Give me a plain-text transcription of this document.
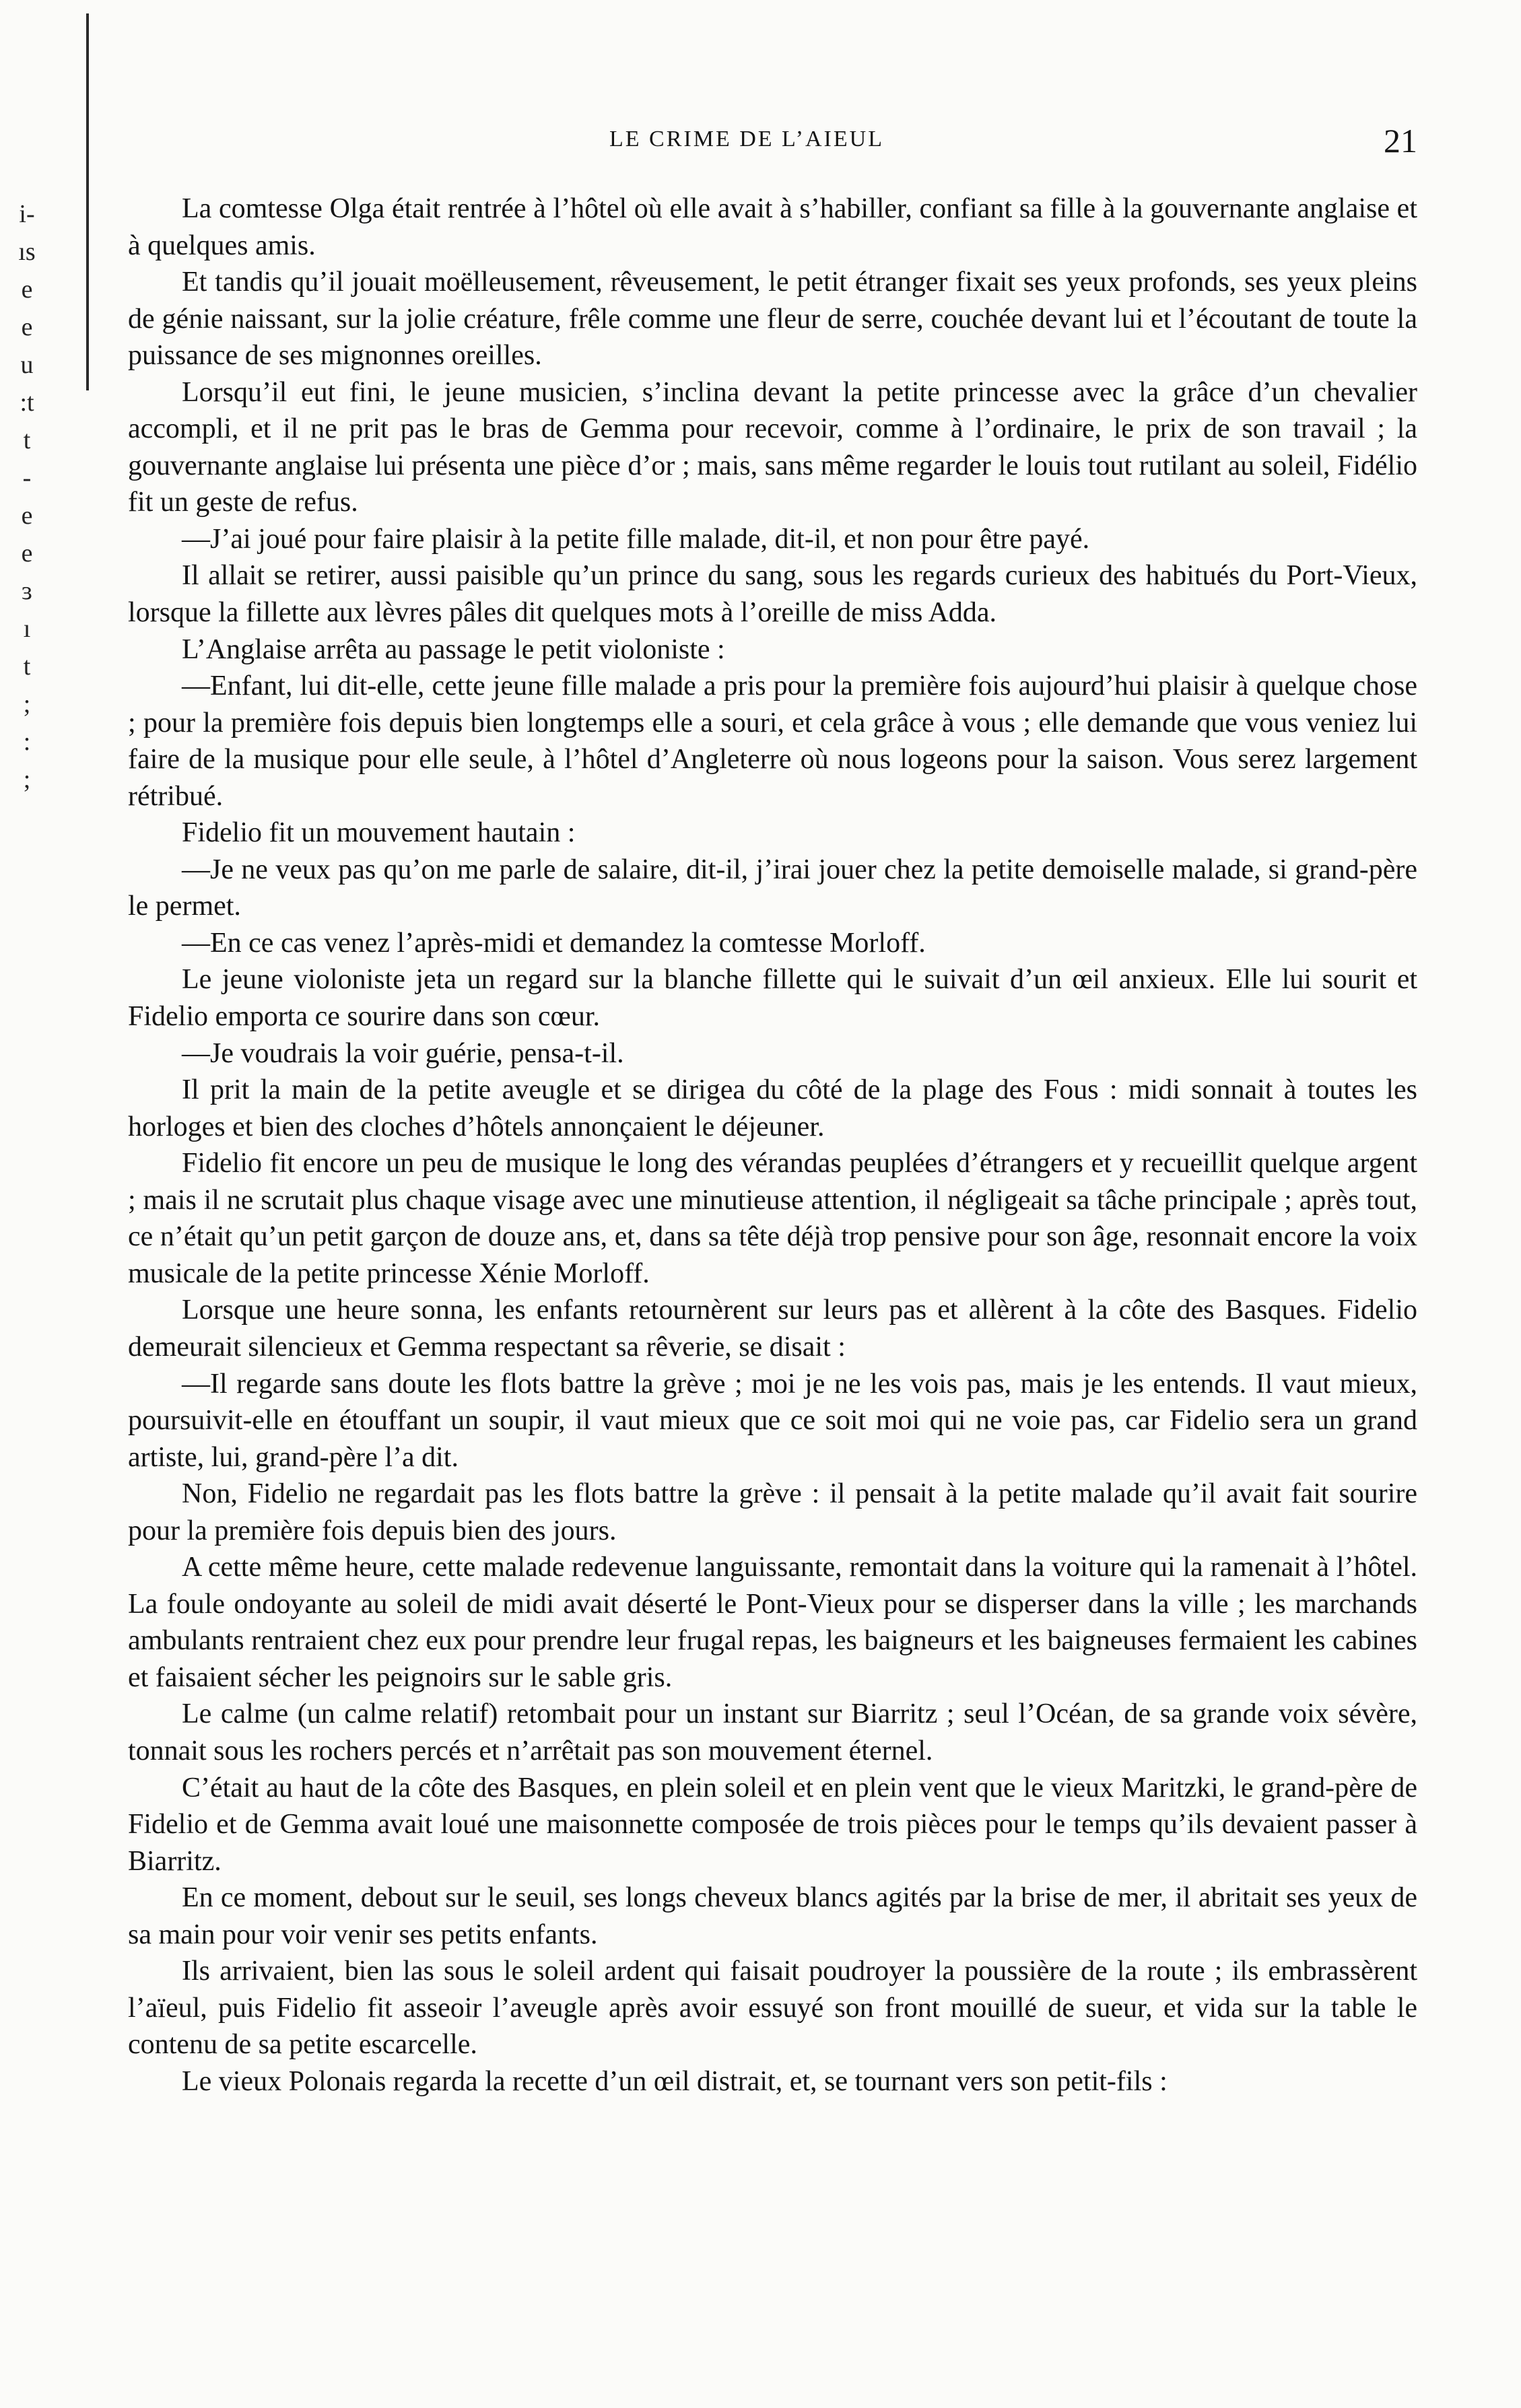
i-
ıs
e
e
u
:t
t
-
e
e
ɜ
ı
t
;
:
;
LE CRIME DE L’AIEUL	21

La comtesse Olga était rentrée à l’hôtel où elle avait à s’habiller, confiant sa fille à la gouvernante anglaise et à quelques amis.

Et tandis qu’il jouait moëlleusement, rêveusement, le petit étranger fixait ses yeux profonds, ses yeux pleins de génie naissant, sur la jolie créature, frêle comme une fleur de serre, couchée devant lui et l’écoutant de toute la puissance de ses mignonnes oreilles.

Lorsqu’il eut fini, le jeune musicien, s’inclina devant la petite princesse avec la grâce d’un chevalier accompli, et il ne prit pas le bras de Gemma pour recevoir, comme à l’ordinaire, le prix de son travail ; la gouvernante anglaise lui présenta une pièce d’or ; mais, sans même regarder le louis tout rutilant au soleil, Fidélio fit un geste de refus.

—J’ai joué pour faire plaisir à la petite fille malade, dit-il, et non pour être payé.

Il allait se retirer, aussi paisible qu’un prince du sang, sous les regards curieux des habitués du Port-Vieux, lorsque la fillette aux lèvres pâles dit quelques mots à l’oreille de miss Adda.

L’Anglaise arrêta au passage le petit violoniste :

—Enfant, lui dit-elle, cette jeune fille malade a pris pour la première fois aujourd’hui plaisir à quelque chose ; pour la première fois depuis bien longtemps elle a souri, et cela grâce à vous ; elle demande que vous veniez lui faire de la musique pour elle seule, à l’hôtel d’Angleterre où nous logeons pour la saison. Vous serez largement rétribué.

Fidelio fit un mouvement hautain :

—Je ne veux pas qu’on me parle de salaire, dit-il, j’irai jouer chez la petite demoiselle malade, si grand-père le permet.

—En ce cas venez l’après-midi et demandez la comtesse Morloff.

Le jeune violoniste jeta un regard sur la blanche fillette qui le suivait d’un œil anxieux. Elle lui sourit et Fidelio emporta ce sourire dans son cœur.

—Je voudrais la voir guérie, pensa-t-il.

Il prit la main de la petite aveugle et se dirigea du côté de la plage des Fous : midi sonnait à toutes les horloges et bien des cloches d’hôtels annonçaient le déjeuner.

Fidelio fit encore un peu de musique le long des vérandas peuplées d’étrangers et y recueillit quelque argent ; mais il ne scrutait plus chaque visage avec une minutieuse attention, il négligeait sa tâche principale ; après tout, ce n’était qu’un petit garçon de douze ans, et, dans sa tête déjà trop pensive pour son âge, resonnait encore la voix musicale de la petite princesse Xénie Morloff.

Lorsque une heure sonna, les enfants retournèrent sur leurs pas et allèrent à la côte des Basques. Fidelio demeurait silencieux et Gemma respectant sa rêverie, se disait :

—Il regarde sans doute les flots battre la grève ; moi je ne les vois pas, mais je les entends. Il vaut mieux, poursuivit-elle en étouffant un soupir, il vaut mieux que ce soit moi qui ne voie pas, car Fidelio sera un grand artiste, lui, grand-père l’a dit.

Non, Fidelio ne regardait pas les flots battre la grève : il pensait à la petite malade qu’il avait fait sourire pour la première fois depuis bien des jours.

A cette même heure, cette malade redevenue languissante, remontait dans la voiture qui la ramenait à l’hôtel. La foule ondoyante au soleil de midi avait déserté le Pont-Vieux pour se disperser dans la ville ; les marchands ambulants rentraient chez eux pour prendre leur frugal repas, les baigneurs et les baigneuses fermaient les cabines et faisaient sécher les peignoirs sur le sable gris.

Le calme (un calme relatif) retombait pour un instant sur Biarritz ; seul l’Océan, de sa grande voix sévère, tonnait sous les rochers percés et n’arrêtait pas son mouvement éternel.

C’était au haut de la côte des Basques, en plein soleil et en plein vent que le vieux Maritzki, le grand-père de Fidelio et de Gemma avait loué une maisonnette composée de trois pièces pour le temps qu’ils devaient passer à Biarritz.

En ce moment, debout sur le seuil, ses longs cheveux blancs agités par la brise de mer, il abritait ses yeux de sa main pour voir venir ses petits enfants.

Ils arrivaient, bien las sous le soleil ardent qui faisait poudroyer la poussière de la route ; ils embrassèrent l’aïeul, puis Fidelio fit asseoir l’aveugle après avoir essuyé son front mouillé de sueur, et vida sur la table le contenu de sa petite escarcelle.

Le vieux Polonais regarda la recette d’un œil distrait, et, se tournant vers son petit-fils :
